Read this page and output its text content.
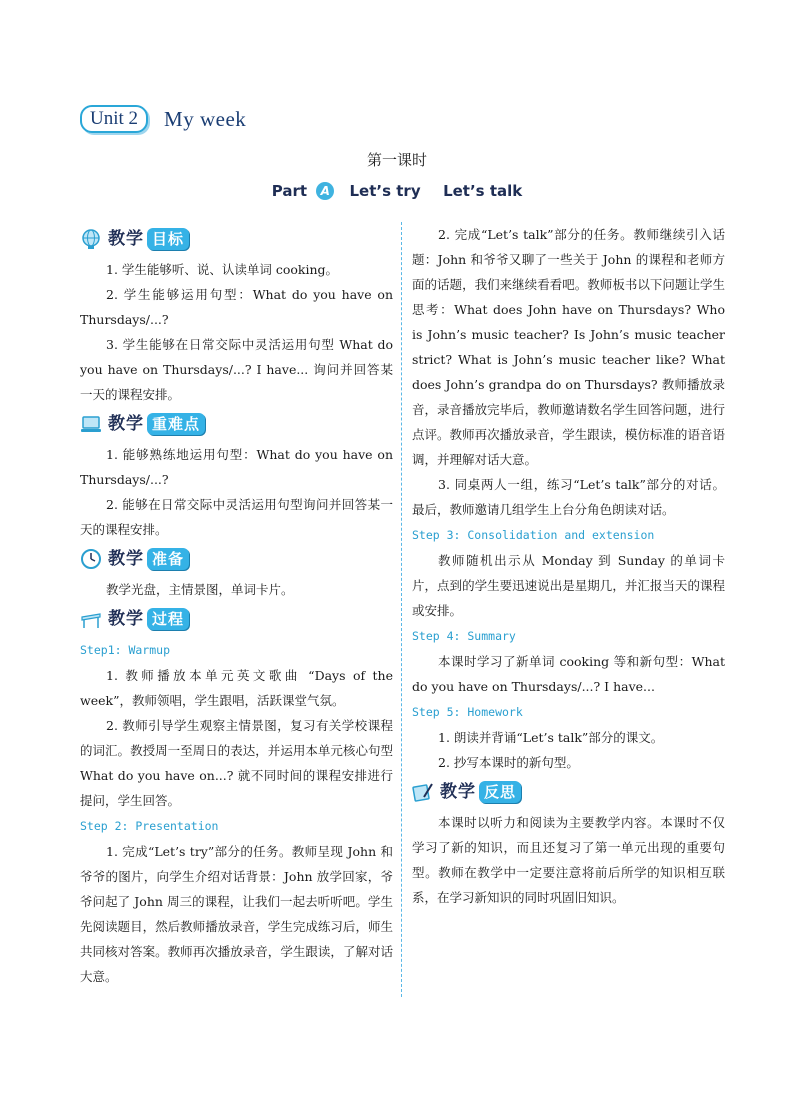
Unit 2	My week
第一课时
Part A Let’s try Let’s talk
教学 目标

1. 学生能够听、说、认读单词 cooking。

2. 学生能够运用句型：What do you have on Thursdays/...?

3. 学生能够在日常交际中灵活运用句型 What do you have on Thursdays/...? I have... 询问并回答某一天的课程安排。

教学 重难点

1. 能够熟练地运用句型：What do you have on Thursdays/...?

2. 能够在日常交际中灵活运用句型询问并回答某一天的课程安排。

教学 准备

教学光盘，主情景图，单词卡片。

教学 过程

Step1: Warmup

1. 教师播放本单元英文歌曲 “Days of the week”，教师领唱，学生跟唱，活跃课堂气氛。

2. 教师引导学生观察主情景图，复习有关学校课程的词汇。教授周一至周日的表达，并运用本单元核心句型 What do you have on...? 就不同时间的课程安排进行提问，学生回答。

Step 2: Presentation

1. 完成“Let’s try”部分的任务。教师呈现 John 和爷爷的图片，向学生介绍对话背景：John 放学回家，爷爷问起了 John 周三的课程，让我们一起去听听吧。学生先阅读题目，然后教师播放录音，学生完成练习后，师生共同核对答案。教师再次播放录音，学生跟读，了解对话大意。

2. 完成“Let’s talk”部分的任务。教师继续引入话题：John 和爷爷又聊了一些关于 John 的课程和老师方面的话题，我们来继续看看吧。教师板书以下问题让学生思考：What does John have on Thursdays? Who is John’s music teacher? Is John’s music teacher strict? What is John’s music teacher like? What does John’s grandpa do on Thursdays? 教师播放录音，录音播放完毕后，教师邀请数名学生回答问题，进行点评。教师再次播放录音，学生跟读，模仿标准的语音语调，并理解对话大意。

3. 同桌两人一组，练习“Let’s talk”部分的对话。最后，教师邀请几组学生上台分角色朗读对话。

Step 3: Consolidation and extension

教师随机出示从 Monday 到 Sunday 的单词卡片，点到的学生要迅速说出是星期几，并汇报当天的课程或安排。

Step 4: Summary

本课时学习了新单词 cooking 等和新句型：What do you have on Thursdays/...? I have...

Step 5: Homework

1. 朗读并背诵“Let’s talk”部分的课文。

2. 抄写本课时的新句型。

教学 反思

本课时以听力和阅读为主要教学内容。本课时不仅学习了新的知识，而且还复习了第一单元出现的重要句型。教师在教学中一定要注意将前后所学的知识相互联系，在学习新知识的同时巩固旧知识。
